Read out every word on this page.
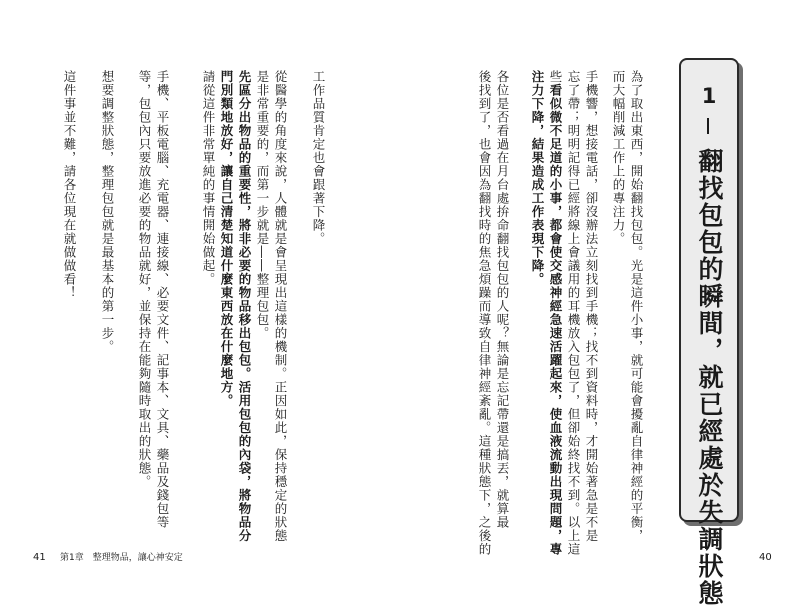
工作品質肯定也會跟著下降。
從醫學的角度來說，人體就是會呈現出這樣的機制。正因如此，保持穩定的狀態
是非常重要的，而第一步就是――整理包包。
先區分出物品的重要性，將非必要的物品移出包包。活用包包的內袋，將物品分
門別類地放好，讓自己清楚知道什麼東西放在什麼地方。
請從這件非常單純的事情開始做起。
手機、平板電腦、充電器、連接線、必要文件、記事本、文具、藥品及錢包等
等，包包內只要放進必要的物品就好，並保持在能夠隨時取出的狀態。
想要調整狀態，整理包包就是最基本的第一步。
這件事並不難，請各位現在就做做看！
41 第1章　整理物品，讓心神安定
1
翻找包包的瞬間，就已經處於失調狀態
為了取出東西，開始翻找包包。光是這件小事，就可能會擾亂自律神經的平衡，
而大幅削減工作上的專注力。
手機響，想接電話，卻沒辦法立刻找到手機；找不到資料時，才開始著急是不是
忘了帶；明明記得已經將線上會議用的耳機放入包包了，但卻始終找不到。以上這
些看似微不足道的小事，都會使交感神經急速活躍起來，使血液流動出現問題，專
注力下降，結果造成工作表現下降。
各位是否看過在月台處拚命翻找包包的人呢？無論是忘記帶還是搞丟，就算最
後找到了，也會因為翻找時的焦急煩躁而導致自律神經紊亂。這種狀態下，之後的
40
